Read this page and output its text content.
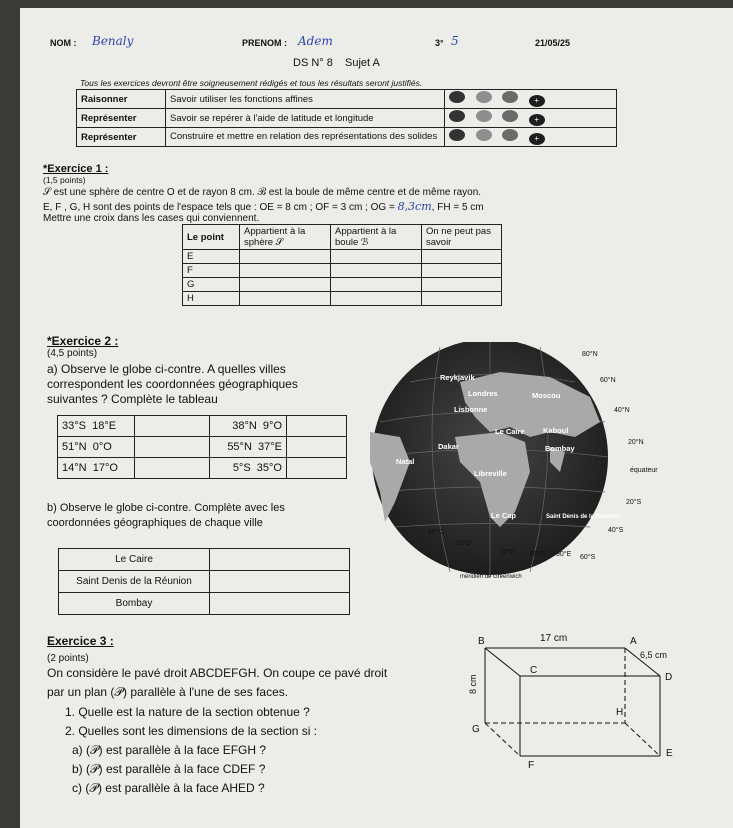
NOM : Benaly	PRENOM : Adem	3° 5	21/05/25
DS N° 8 Sujet A
Tous les exercices devront être soigneusement rédigés et tous les résultats seront justifiés.
Raisonner	Savoir utiliser les fonctions affines	+
Représenter	Savoir se repérer à l'aide de latitude et longitude	+
Représenter	Construire et mettre en relation des représentations des solides	+
*Exercice 1 :
(1,5 points)
𝒮 est une sphère de centre O et de rayon 8 cm. ℬ est la boule de même centre et de même rayon.
E, F , G, H sont des points de l'espace tels que : OE = 8 cm ; OF = 3 cm ; OG = 8,3cm, FH = 5 cm
Mettre une croix dans les cases qui conviennent.
Le point	Appartient à la sphère 𝒮	Appartient à la boule ℬ	On ne peut pas savoir
E			
F			
G			
H			
*Exercice 2 :
(4,5 points)
a) Observe le globe ci-contre. A quelles villes
correspondent les coordonnées géographiques
suivantes ? Complète le tableau
33°S 18°E		38°N 9°O	
51°N 0°O		55°N 37°E	
14°N 17°O		5°S 35°O	
b) Observe le globe ci-contre. Complète avec les
coordonnées géographiques de chaque ville
Le Caire	
Saint Denis de la Réunion	
Bombay	
Reykjavik
Londres	Moscou
Lisbonne
Le Caire Kaboul
Dakar	Bombay
Natal
Libreville
Le Cap	Saint Denis de la Réunion
80°N
60°N
40°N
20°N
équateur
20°S
40°S
60°S
60°O
30°O
30°E 60°E 90°E
méridien de Greenwich
Exercice 3 :
(2 points)
On considère le pavé droit ABCDEFGH. On coupe ce pavé droit
par un plan (𝒫) parallèle à l'une de ses faces.
1. Quelle est la nature de la section obtenue ?
2. Quelles sont les dimensions de la section si :
a) (𝒫) est parallèle à la face EFGH ?
b) (𝒫) est parallèle à la face CDEF ?
c) (𝒫) est parallèle à la face AHED ?
B	A
C
D
G
H
F
E
17 cm
6,5 cm
8 cm
